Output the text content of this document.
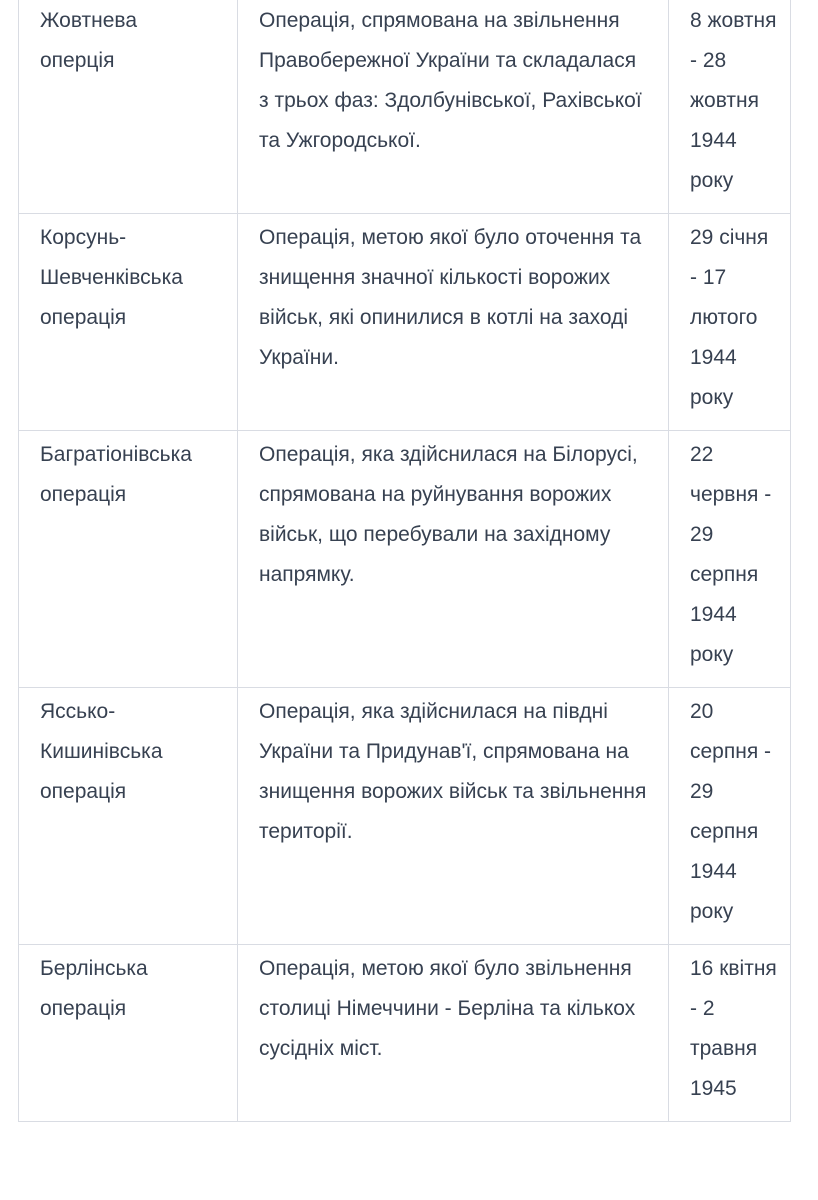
Жовтнева оперція	Операція, спрямована на звільнення Правобережної України та складалася з трьох фаз: Здолбунівської, Рахівської та Ужгородської.	8 жовтня - 28 жовтня 1944 року
Корсунь-Шевченківська операція	Операція, метою якої було оточення та знищення значної кількості ворожих військ, які опинилися в котлі на заході України.	29 січня - 17 лютого 1944 року
Багратіонівська операція	Операція, яка здійснилася на Білорусі, спрямована на руйнування ворожих військ, що перебували на західному напрямку.	22 червня - 29 серпня 1944 року
Яссько-Кишинівська операція	Операція, яка здійснилася на півдні України та Придунав'ї, спрямована на знищення ворожих військ та звільнення території.	20 серпня - 29 серпня 1944 року
Берлінська операція	Операція, метою якої було звільнення столиці Німеччини - Берліна та кількох сусідніх міст.	16 квітня - 2 травня 1945
